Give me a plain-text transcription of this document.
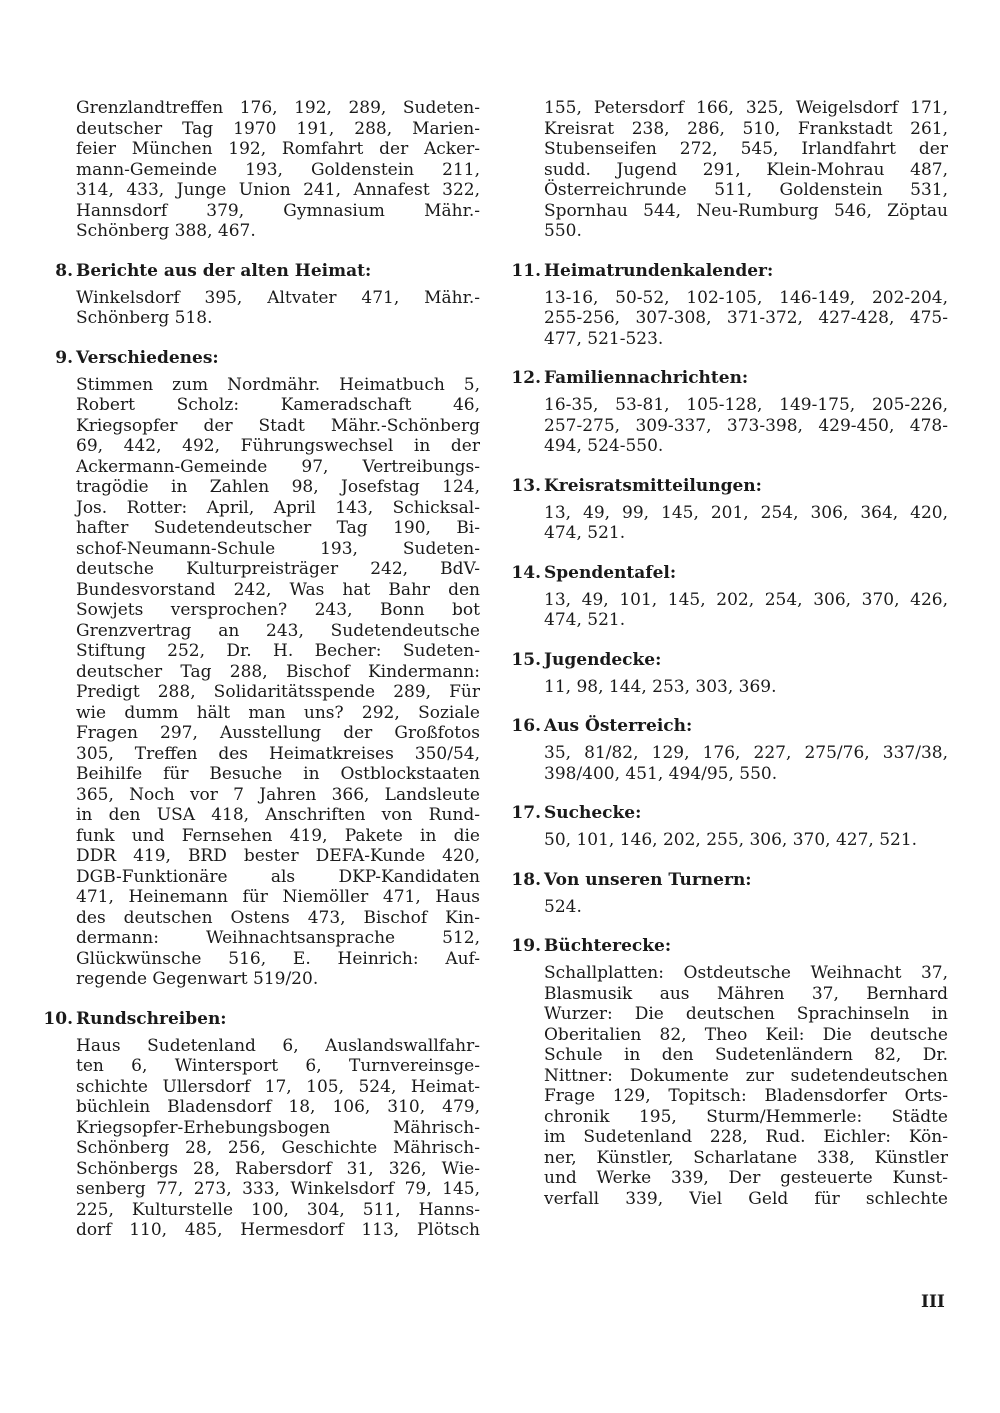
Grenzlandtreffen 176, 192, 289, Sudeten-
deutscher Tag 1970 191, 288, Marien-
feier München 192, Romfahrt der Acker-
mann-Gemeinde 193, Goldenstein 211,
314, 433, Junge Union 241, Annafest 322,
Hannsdorf 379, Gymnasium Mähr.-
Schönberg 388, 467.
8. Berichte aus der alten Heimat:
Winkelsdorf 395, Altvater 471, Mähr.-
Schönberg 518.
9. Verschiedenes:
Stimmen zum Nordmähr. Heimatbuch 5,
Robert Scholz: Kameradschaft 46,
Kriegsopfer der Stadt Mähr.-Schönberg
69, 442, 492, Führungswechsel in der
Ackermann-Gemeinde 97, Vertreibungs-
tragödie in Zahlen 98, Josefstag 124,
Jos. Rotter: April, April 143, Schicksal-
hafter Sudetendeutscher Tag 190, Bi-
schof-Neumann-Schule 193, Sudeten-
deutsche Kulturpreisträger 242, BdV-
Bundesvorstand 242, Was hat Bahr den
Sowjets versprochen? 243, Bonn bot
Grenzvertrag an 243, Sudetendeutsche
Stiftung 252, Dr. H. Becher: Sudeten-
deutscher Tag 288, Bischof Kindermann:
Predigt 288, Solidaritätsspende 289, Für
wie dumm hält man uns? 292, Soziale
Fragen 297, Ausstellung der Großfotos
305, Treffen des Heimatkreises 350/54,
Beihilfe für Besuche in Ostblockstaaten
365, Noch vor 7 Jahren 366, Landsleute
in den USA 418, Anschriften von Rund-
funk und Fernsehen 419, Pakete in die
DDR 419, BRD bester DEFA-Kunde 420,
DGB-Funktionäre als DKP-Kandidaten
471, Heinemann für Niemöller 471, Haus
des deutschen Ostens 473, Bischof Kin-
dermann: Weihnachtsansprache 512,
Glückwünsche 516, E. Heinrich: Auf-
regende Gegenwart 519/20.
10. Rundschreiben:
Haus Sudetenland 6, Auslandswallfahr-
ten 6, Wintersport 6, Turnvereinsge-
schichte Ullersdorf 17, 105, 524, Heimat-
büchlein Bladensdorf 18, 106, 310, 479,
Kriegsopfer-Erhebungsbogen Mährisch-
Schönberg 28, 256, Geschichte Mährisch-
Schönbergs 28, Rabersdorf 31, 326, Wie-
senberg 77, 273, 333, Winkelsdorf 79, 145,
225, Kulturstelle 100, 304, 511, Hanns-
dorf 110, 485, Hermesdorf 113, Plötsch
155, Petersdorf 166, 325, Weigelsdorf 171,
Kreisrat 238, 286, 510, Frankstadt 261,
Stubenseifen 272, 545, Irlandfahrt der
sudd. Jugend 291, Klein-Mohrau 487,
Österreichrunde 511, Goldenstein 531,
Spornhau 544, Neu-Rumburg 546, Zöptau
550.
11. Heimatrundenkalender:
13-16, 50-52, 102-105, 146-149, 202-204,
255-256, 307-308, 371-372, 427-428, 475-
477, 521-523.
12. Familiennachrichten:
16-35, 53-81, 105-128, 149-175, 205-226,
257-275, 309-337, 373-398, 429-450, 478-
494, 524-550.
13. Kreisratsmitteilungen:
13, 49, 99, 145, 201, 254, 306, 364, 420,
474, 521.
14. Spendentafel:
13, 49, 101, 145, 202, 254, 306, 370, 426,
474, 521.
15. Jugendecke:
11, 98, 144, 253, 303, 369.
16. Aus Österreich:
35, 81/82, 129, 176, 227, 275/76, 337/38,
398/400, 451, 494/95, 550.
17. Suchecke:
50, 101, 146, 202, 255, 306, 370, 427, 521.
18. Von unseren Turnern:
524.
19. Büchterecke:
Schallplatten: Ostdeutsche Weihnacht 37,
Blasmusik aus Mähren 37, Bernhard
Wurzer: Die deutschen Sprachinseln in
Oberitalien 82, Theo Keil: Die deutsche
Schule in den Sudetenländern 82, Dr.
Nittner: Dokumente zur sudetendeutschen
Frage 129, Topitsch: Bladensdorfer Orts-
chronik 195, Sturm/Hemmerle: Städte
im Sudetenland 228, Rud. Eichler: Kön-
ner, Künstler, Scharlatane 338, Künstler
und Werke 339, Der gesteuerte Kunst-
verfall 339, Viel Geld für schlechte
III
